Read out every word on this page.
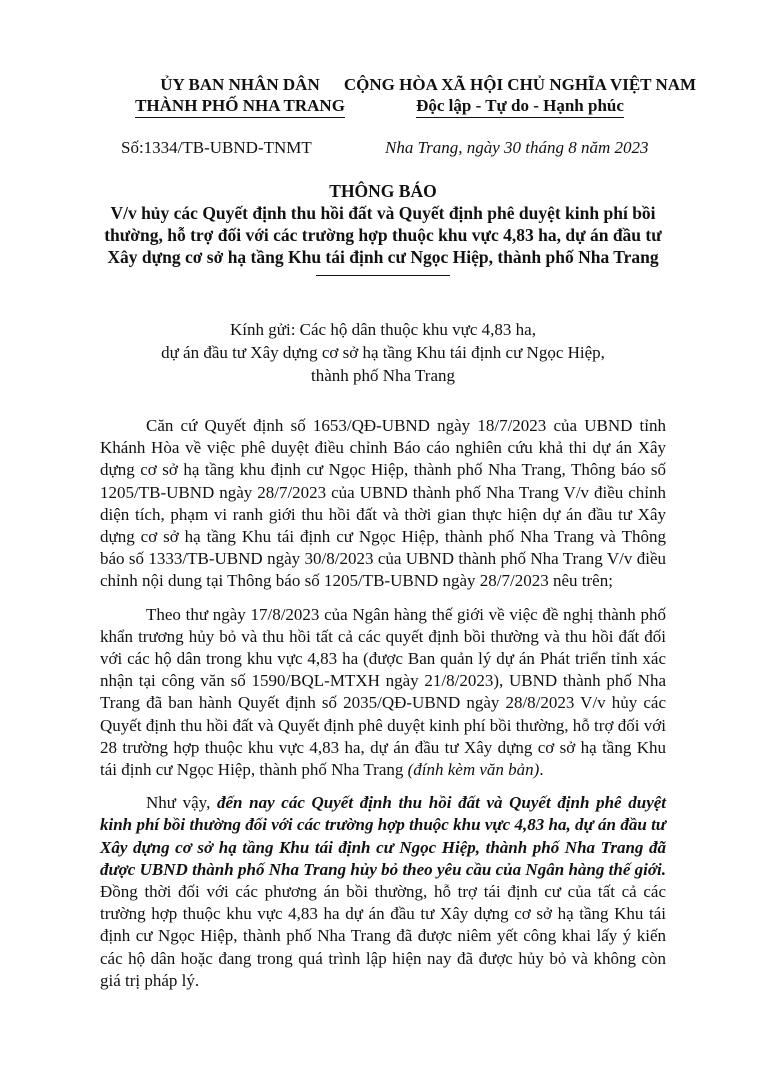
ỦY BAN NHÂN DÂN
THÀNH PHỐ NHA TRANG
CỘNG HÒA XÃ HỘI CHỦ NGHĨA VIỆT NAM
Độc lập - Tự do - Hạnh phúc
Số:1334/TB-UBND-TNMT	Nha Trang, ngày 30 tháng 8 năm 2023
THÔNG BÁO
V/v hủy các Quyết định thu hồi đất và Quyết định phê duyệt kinh phí bồi thường, hỗ trợ đối với các trường hợp thuộc khu vực 4,83 ha, dự án đầu tư Xây dựng cơ sở hạ tầng Khu tái định cư Ngọc Hiệp, thành phố Nha Trang
Kính gửi: Các hộ dân thuộc khu vực 4,83 ha,
dự án đầu tư Xây dựng cơ sở hạ tầng Khu tái định cư Ngọc Hiệp,
thành phố Nha Trang

Căn cứ Quyết định số 1653/QĐ-UBND ngày 18/7/2023 của UBND tỉnh Khánh Hòa về việc phê duyệt điều chỉnh Báo cáo nghiên cứu khả thi dự án Xây dựng cơ sở hạ tầng khu định cư Ngọc Hiệp, thành phố Nha Trang, Thông báo số 1205/TB-UBND ngày 28/7/2023 của UBND thành phố Nha Trang V/v điều chỉnh diện tích, phạm vi ranh giới thu hồi đất và thời gian thực hiện dự án đầu tư Xây dựng cơ sở hạ tầng Khu tái định cư Ngọc Hiệp, thành phố Nha Trang và Thông báo số 1333/TB-UBND ngày 30/8/2023 của UBND thành phố Nha Trang V/v điều chỉnh nội dung tại Thông báo số 1205/TB-UBND ngày 28/7/2023 nêu trên;

Theo thư ngày 17/8/2023 của Ngân hàng thế giới về việc đề nghị thành phố khẩn trương hủy bỏ và thu hồi tất cả các quyết định bồi thường và thu hồi đất đối với các hộ dân trong khu vực 4,83 ha (được Ban quản lý dự án Phát triển tỉnh xác nhận tại công văn số 1590/BQL-MTXH ngày 21/8/2023), UBND thành phố Nha Trang đã ban hành Quyết định số 2035/QĐ-UBND ngày 28/8/2023 V/v hủy các Quyết định thu hồi đất và Quyết định phê duyệt kinh phí bồi thường, hỗ trợ đối với 28 trường hợp thuộc khu vực 4,83 ha, dự án đầu tư Xây dựng cơ sở hạ tầng Khu tái định cư Ngọc Hiệp, thành phố Nha Trang (đính kèm văn bản).

Như vậy, đến nay các Quyết định thu hồi đất và Quyết định phê duyệt kinh phí bồi thường đối với các trường hợp thuộc khu vực 4,83 ha, dự án đầu tư Xây dựng cơ sở hạ tầng Khu tái định cư Ngọc Hiệp, thành phố Nha Trang đã được UBND thành phố Nha Trang hủy bỏ theo yêu cầu của Ngân hàng thế giới. Đồng thời đối với các phương án bồi thường, hỗ trợ tái định cư của tất cả các trường hợp thuộc khu vực 4,83 ha dự án đầu tư Xây dựng cơ sở hạ tầng Khu tái định cư Ngọc Hiệp, thành phố Nha Trang đã được niêm yết công khai lấy ý kiến các hộ dân hoặc đang trong quá trình lập hiện nay đã được hủy bỏ và không còn giá trị pháp lý.
